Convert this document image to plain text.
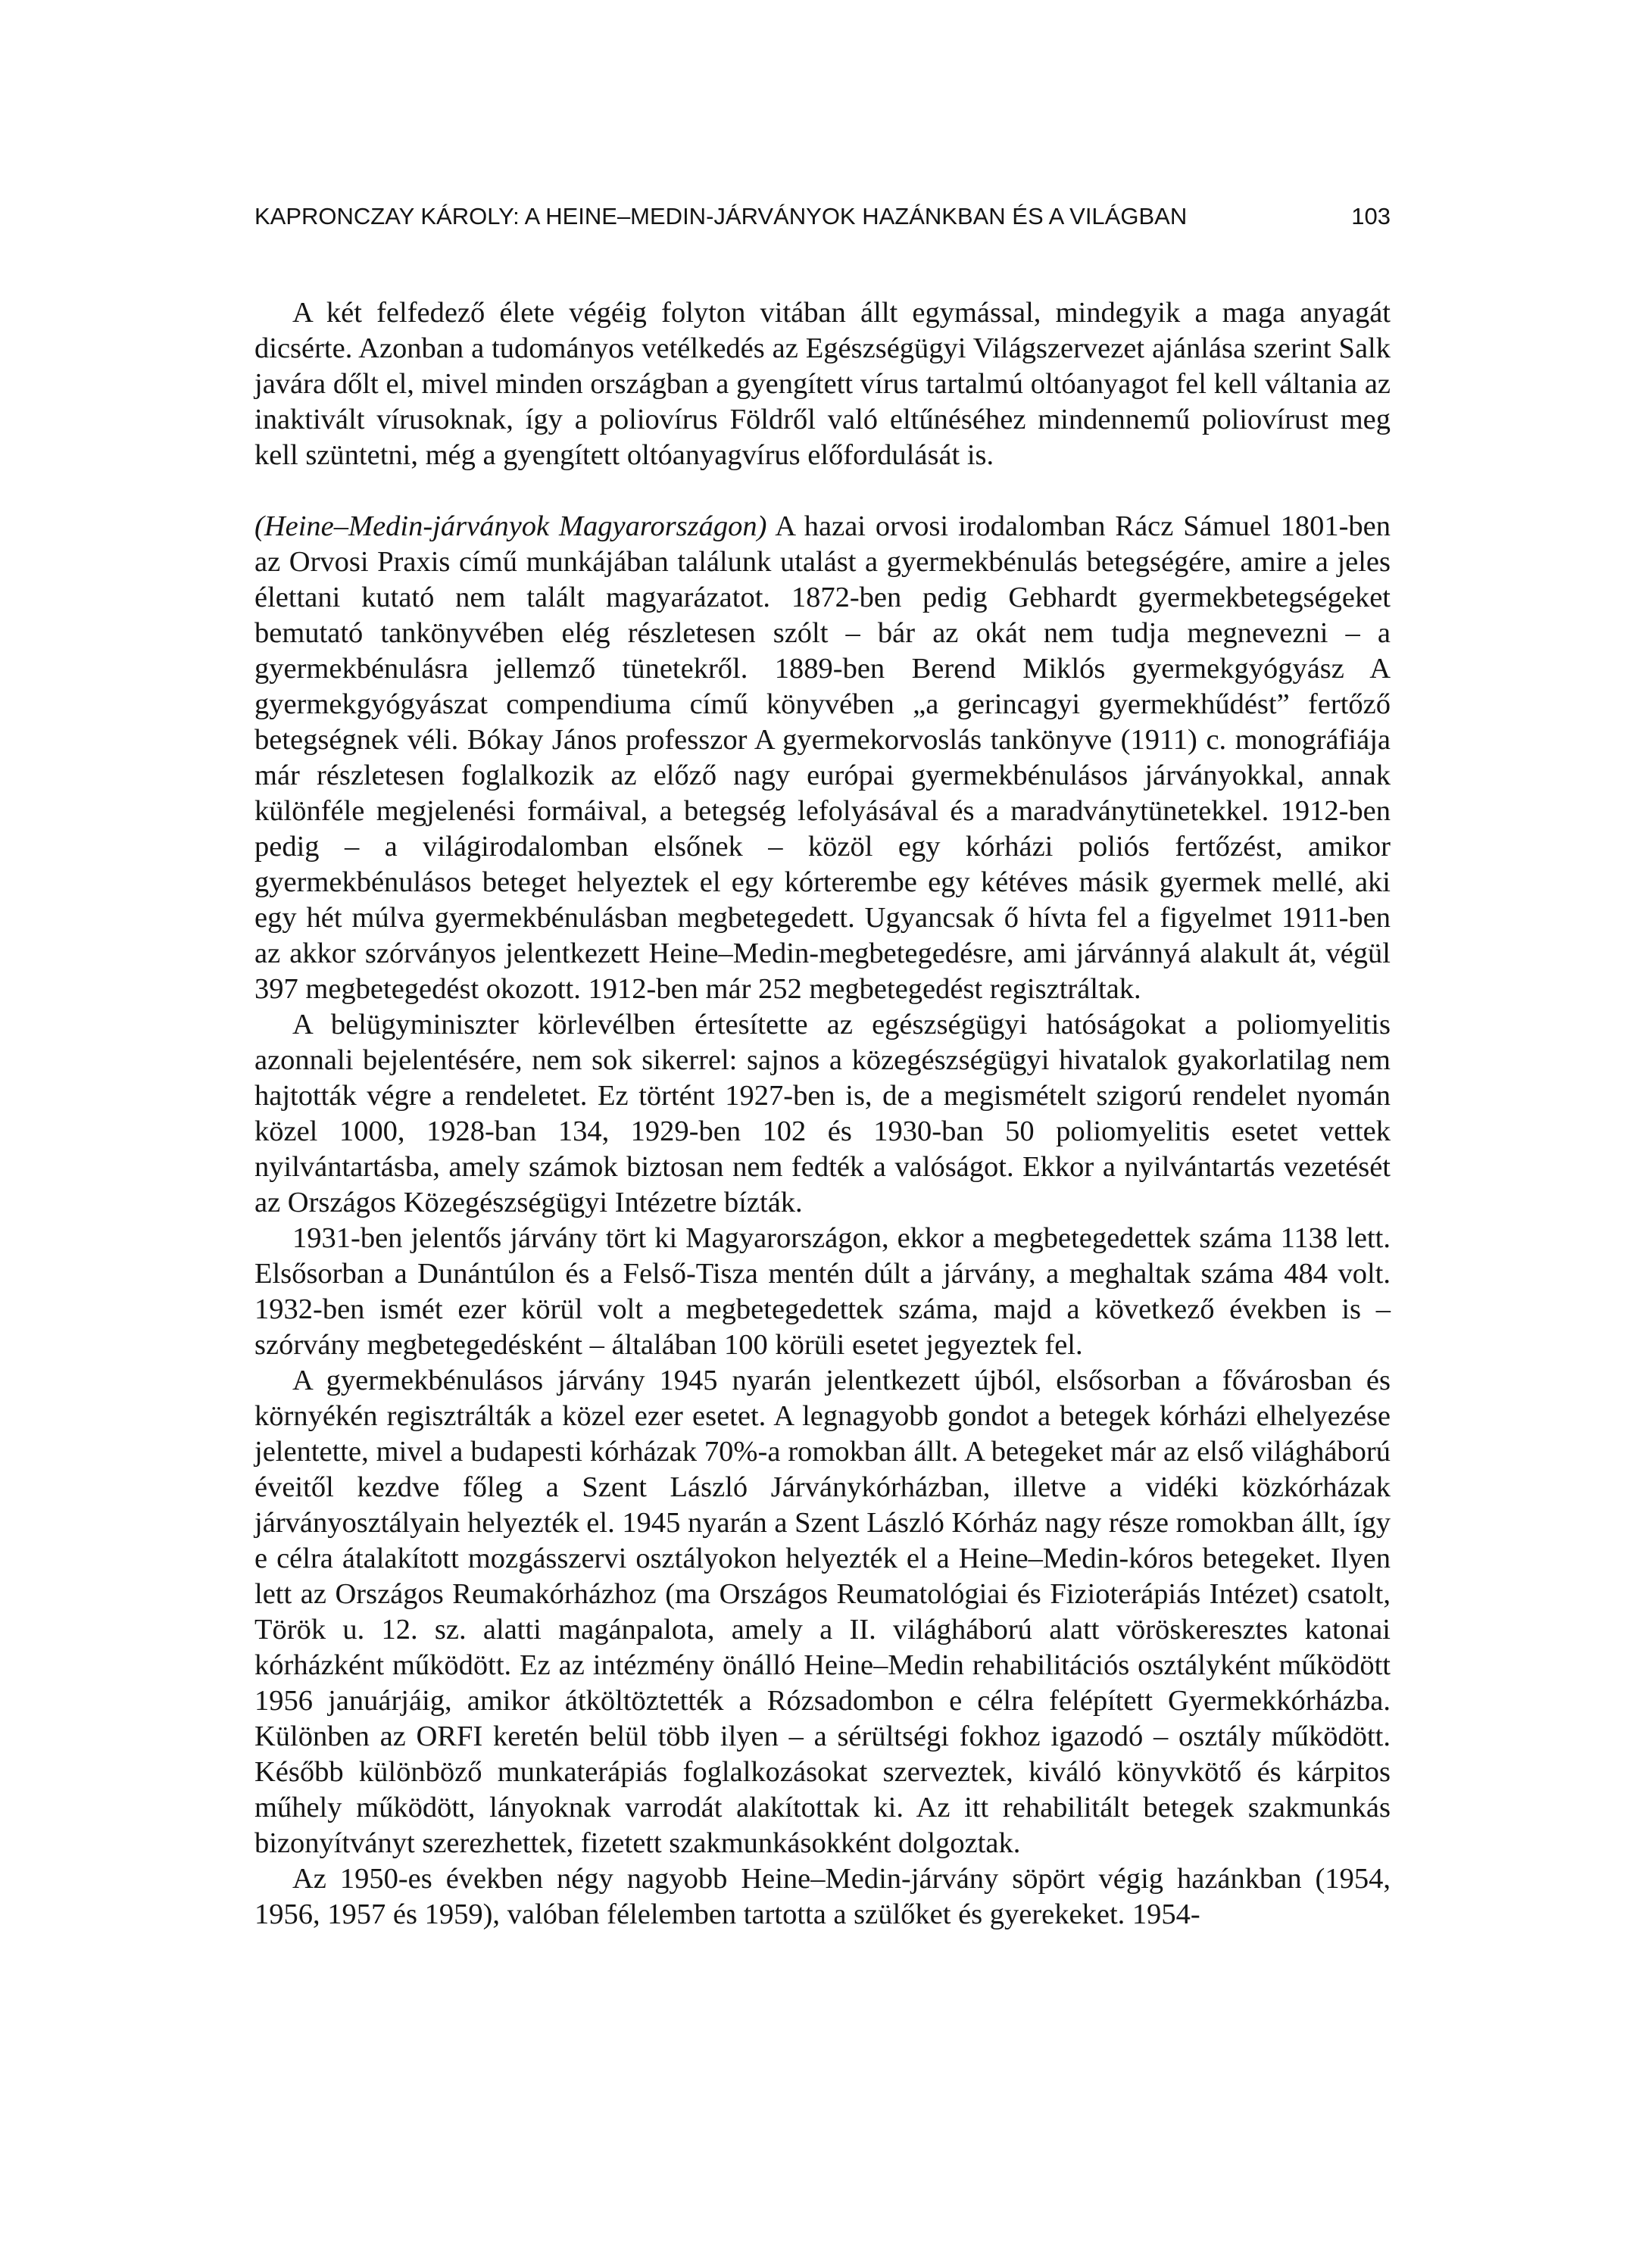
KAPRONCZAY KÁROLY: A HEINE–MEDIN-JÁRVÁNYOK HAZÁNKBAN ÉS A VILÁGBAN	103

A két felfedező élete végéig folyton vitában állt egymással, mindegyik a maga anyagát dicsérte. Azonban a tudományos vetélkedés az Egészségügyi Világszervezet ajánlása szerint Salk javára dőlt el, mivel minden országban a gyengített vírus tartalmú oltóanyagot fel kell váltania az inaktivált vírusoknak, így a poliovírus Földről való eltűnéséhez mindennemű poliovírust meg kell szüntetni, még a gyengített oltóanyagvírus előfordulását is.

(Heine–Medin-járványok Magyarországon) A hazai orvosi irodalomban Rácz Sámuel 1801-ben az Orvosi Praxis című munkájában találunk utalást a gyermekbénulás betegségére, amire a jeles élettani kutató nem talált magyarázatot. 1872-ben pedig Gebhardt gyermekbetegségeket bemutató tankönyvében elég részletesen szólt – bár az okát nem tudja megnevezni – a gyermekbénulásra jellemző tünetekről. 1889-ben Berend Miklós gyermekgyógyász A gyermekgyógyászat compendiuma című könyvében „a gerincagyi gyermekhűdést” fertőző betegségnek véli. Bókay János professzor A gyermekorvoslás tankönyve (1911) c. monográfiája már részletesen foglalkozik az előző nagy európai gyermekbénulásos járványokkal, annak különféle megjelenési formáival, a betegség lefolyásával és a maradványtünetekkel. 1912-ben pedig – a világirodalomban elsőnek – közöl egy kórházi poliós fertőzést, amikor gyermekbénulásos beteget helyeztek el egy kórterembe egy kétéves másik gyermek mellé, aki egy hét múlva gyermekbénulásban megbetegedett. Ugyancsak ő hívta fel a figyelmet 1911-ben az akkor szórványos jelentkezett Heine–Medin-megbetegedésre, ami járvánnyá alakult át, végül 397 megbetegedést okozott. 1912-ben már 252 megbetegedést regisztráltak.

A belügyminiszter körlevélben értesítette az egészségügyi hatóságokat a poliomyelitis azonnali bejelentésére, nem sok sikerrel: sajnos a közegészségügyi hivatalok gyakorlatilag nem hajtották végre a rendeletet. Ez történt 1927-ben is, de a megismételt szigorú rendelet nyomán közel 1000, 1928-ban 134, 1929-ben 102 és 1930-ban 50 poliomyelitis esetet vettek nyilvántartásba, amely számok biztosan nem fedték a valóságot. Ekkor a nyilvántartás vezetését az Országos Közegészségügyi Intézetre bízták.

1931-ben jelentős járvány tört ki Magyarországon, ekkor a megbetegedettek száma 1138 lett. Elsősorban a Dunántúlon és a Felső-Tisza mentén dúlt a járvány, a meghaltak száma 484 volt. 1932-ben ismét ezer körül volt a megbetegedettek száma, majd a következő években is – szórvány megbetegedésként – általában 100 körüli esetet jegyeztek fel.

A gyermekbénulásos járvány 1945 nyarán jelentkezett újból, elsősorban a fővárosban és környékén regisztrálták a közel ezer esetet. A legnagyobb gondot a betegek kórházi elhelyezése jelentette, mivel a budapesti kórházak 70%-a romokban állt. A betegeket már az első világháború éveitől kezdve főleg a Szent László Járványkórházban, illetve a vidéki közkórházak járványosztályain helyezték el. 1945 nyarán a Szent László Kórház nagy része romokban állt, így e célra átalakított mozgásszervi osztályokon helyezték el a Heine–Medin-kóros betegeket. Ilyen lett az Országos Reumakórházhoz (ma Országos Reumatológiai és Fizioterápiás Intézet) csatolt, Török u. 12. sz. alatti magánpalota, amely a II. világháború alatt vöröskeresztes katonai kórházként működött. Ez az intézmény önálló Heine–Medin rehabilitációs osztályként működött 1956 januárjáig, amikor átköltöztették a Rózsadombon e célra felépített Gyermekkórházba. Különben az ORFI keretén belül több ilyen – a sérültségi fokhoz igazodó – osztály működött. Később különböző munkaterápiás foglalkozásokat szerveztek, kiváló könyvkötő és kárpitos műhely működött, lányoknak varrodát alakítottak ki. Az itt rehabilitált betegek szakmunkás bizonyítványt szerezhettek, fizetett szakmunkásokként dolgoztak.

Az 1950-es években négy nagyobb Heine–Medin-járvány söpört végig hazánkban (1954, 1956, 1957 és 1959), valóban félelemben tartotta a szülőket és gyerekeket. 1954-
